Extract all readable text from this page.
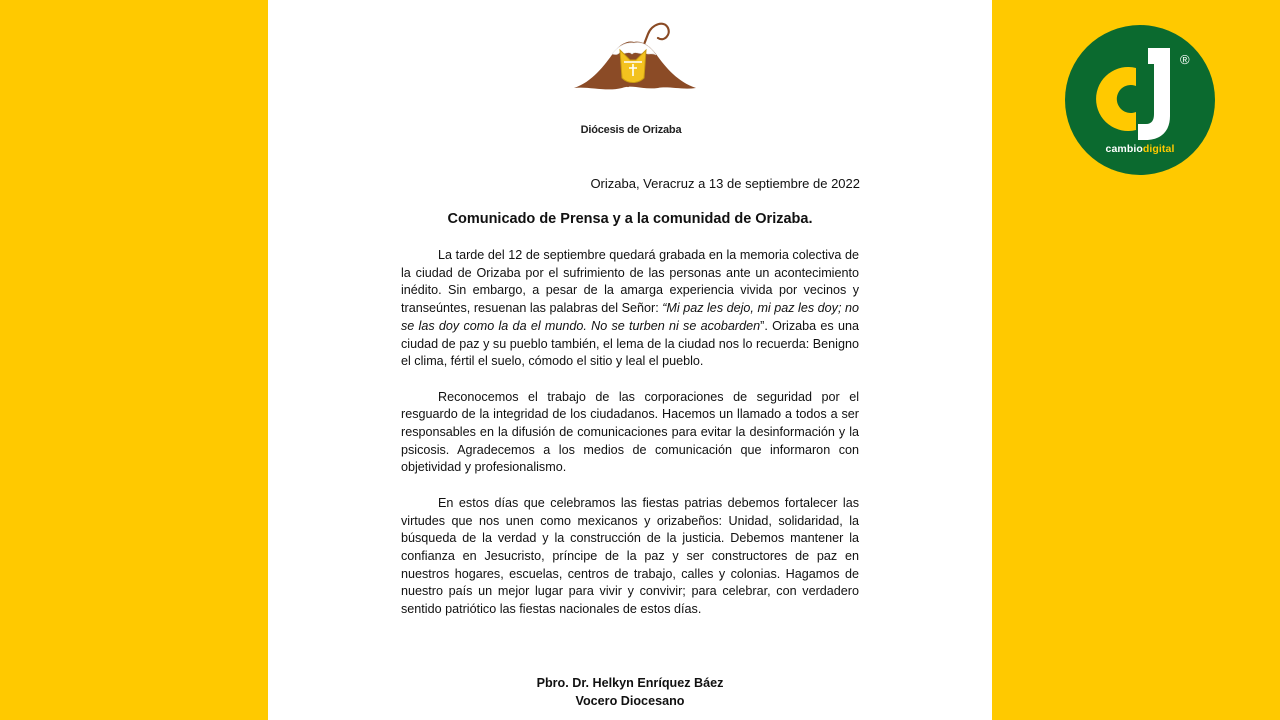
Diócesis de Orizaba
Orizaba, Veracruz a 13 de septiembre de 2022
Comunicado de Prensa y a la comunidad de Orizaba.

La tarde del 12 de septiembre quedará grabada en la memoria colectiva de la ciudad de Orizaba por el sufrimiento de las personas ante un acontecimiento inédito. Sin embargo, a pesar de la amarga experiencia vivida por vecinos y transeúntes, resuenan las palabras del Señor: “Mi paz les dejo, mi paz les doy; no se las doy como la da el mundo. No se turben ni se acobarden”. Orizaba es una ciudad de paz y su pueblo también, el lema de la ciudad nos lo recuerda: Benigno el clima, fértil el suelo, cómodo el sitio y leal el pueblo.

Reconocemos el trabajo de las corporaciones de seguridad por el resguardo de la integridad de los ciudadanos. Hacemos un llamado a todos a ser responsables en la difusión de comunicaciones para evitar la desinformación y la psicosis. Agradecemos a los medios de comunicación que informaron con objetividad y profesionalismo.

En estos días que celebramos las fiestas patrias debemos fortalecer las virtudes que nos unen como mexicanos y orizabeños: Unidad, solidaridad, la búsqueda de la verdad y la construcción de la justicia. Debemos mantener la confianza en Jesucristo, príncipe de la paz y ser constructores de paz en nuestros hogares, escuelas, centros de trabajo, calles y colonias. Hagamos de nuestro país un mejor lugar para vivir y convivir; para celebrar, con verdadero sentido patriótico las fiestas nacionales de estos días.

Pbro. Dr. Helkyn Enríquez Báez
Vocero Diocesano
®
cambiodigital
